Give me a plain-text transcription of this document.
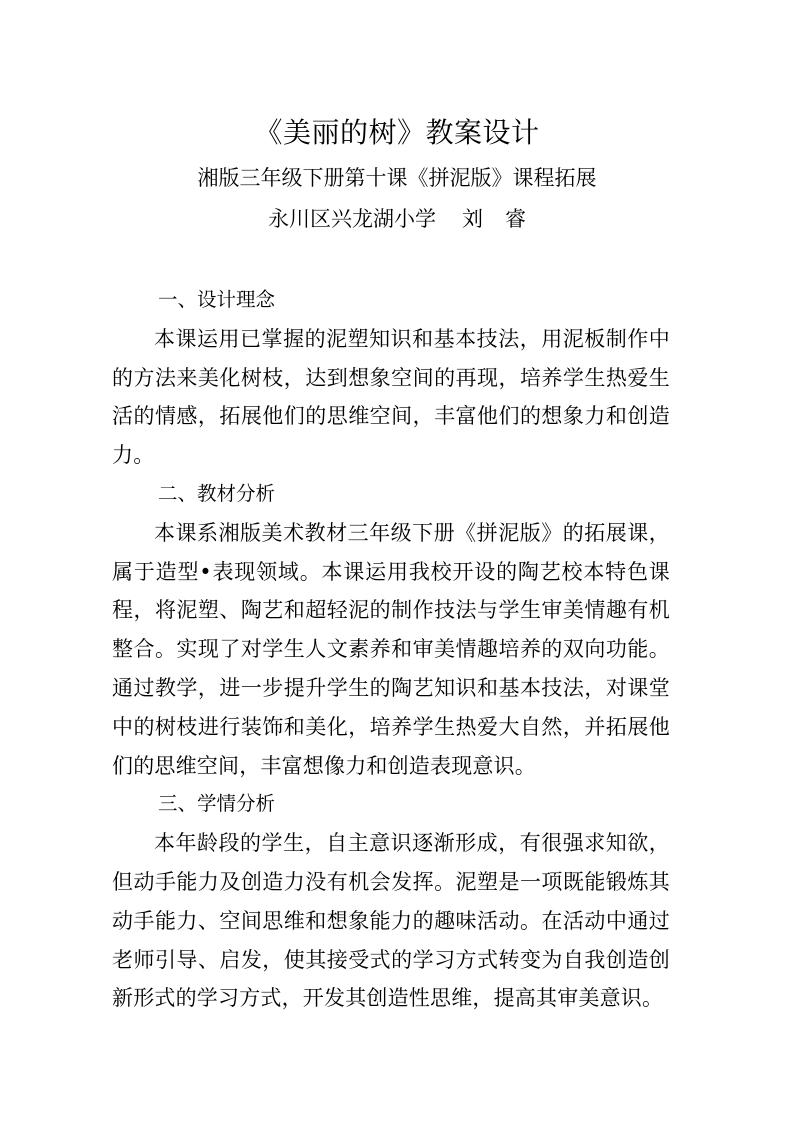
《美丽的树》教案设计
湘版三年级下册第十课《拼泥版》课程拓展
永川区兴龙湖小学 刘 睿

一、设计理念

本课运用已掌握的泥塑知识和基本技法，用泥板制作中的方法来美化树枝，达到想象空间的再现，培养学生热爱生活的情感，拓展他们的思维空间，丰富他们的想象力和创造力。

二、教材分析

本课系湘版美术教材三年级下册《拼泥版》的拓展课，属于造型•表现领域。本课运用我校开设的陶艺校本特色课程，将泥塑、陶艺和超轻泥的制作技法与学生审美情趣有机整合。实现了对学生人文素养和审美情趣培养的双向功能。通过教学，进一步提升学生的陶艺知识和基本技法，对课堂中的树枝进行装饰和美化，培养学生热爱大自然，并拓展他们的思维空间，丰富想像力和创造表现意识。

三、学情分析

本年龄段的学生，自主意识逐渐形成，有很强求知欲，但动手能力及创造力没有机会发挥。泥塑是一项既能锻炼其动手能力、空间思维和想象能力的趣味活动。在活动中通过老师引导、启发，使其接受式的学习方式转变为自我创造创新形式的学习方式，开发其创造性思维，提高其审美意识。
